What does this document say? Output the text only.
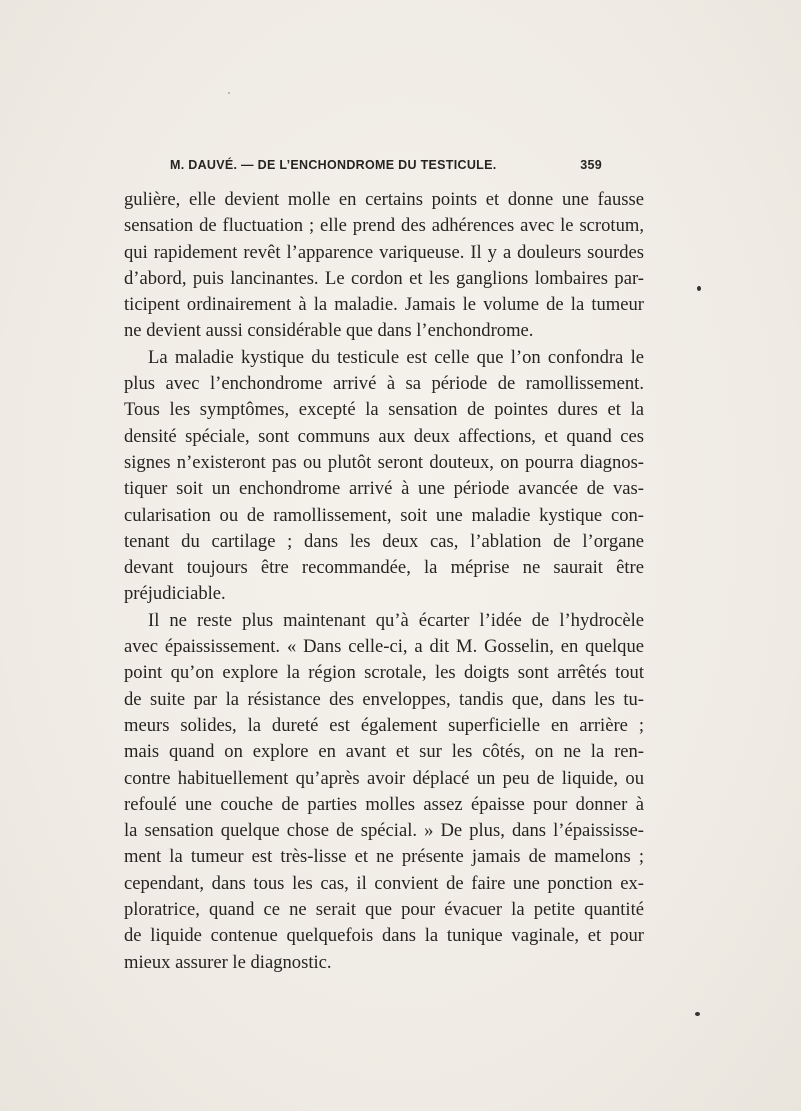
M. DAUVÉ. — DE L’ENCHONDROME DU TESTICULE.	359
gulière, elle devient molle en certains points et donne une fausse
sensation de fluctuation ; elle prend des adhérences avec le scrotum,
qui rapidement revêt l’apparence variqueuse. Il y a douleurs sourdes
d’abord, puis lancinantes. Le cordon et les ganglions lombaires par-
ticipent ordinairement à la maladie. Jamais le volume de la tumeur
ne devient aussi considérable que dans l’enchondrome.
La maladie kystique du testicule est celle que l’on confondra le
plus avec l’enchondrome arrivé à sa période de ramollissement.
Tous les symptômes, excepté la sensation de pointes dures et la
densité spéciale, sont communs aux deux affections, et quand ces
signes n’existeront pas ou plutôt seront douteux, on pourra diagnos-
tiquer soit un enchondrome arrivé à une période avancée de vas-
cularisation ou de ramollissement, soit une maladie kystique con-
tenant du cartilage ; dans les deux cas, l’ablation de l’organe
devant toujours être recommandée, la méprise ne saurait être
préjudiciable.
Il ne reste plus maintenant qu’à écarter l’idée de l’hydrocèle
avec épaississement. « Dans celle-ci, a dit M. Gosselin, en quelque
point qu’on explore la région scrotale, les doigts sont arrêtés tout
de suite par la résistance des enveloppes, tandis que, dans les tu-
meurs solides, la dureté est également superficielle en arrière ;
mais quand on explore en avant et sur les côtés, on ne la ren-
contre habituellement qu’après avoir déplacé un peu de liquide, ou
refoulé une couche de parties molles assez épaisse pour donner à
la sensation quelque chose de spécial. » De plus, dans l’épaississe-
ment la tumeur est très-lisse et ne présente jamais de mamelons ;
cependant, dans tous les cas, il convient de faire une ponction ex-
ploratrice, quand ce ne serait que pour évacuer la petite quantité
de liquide contenue quelquefois dans la tunique vaginale, et pour
mieux assurer le diagnostic.
